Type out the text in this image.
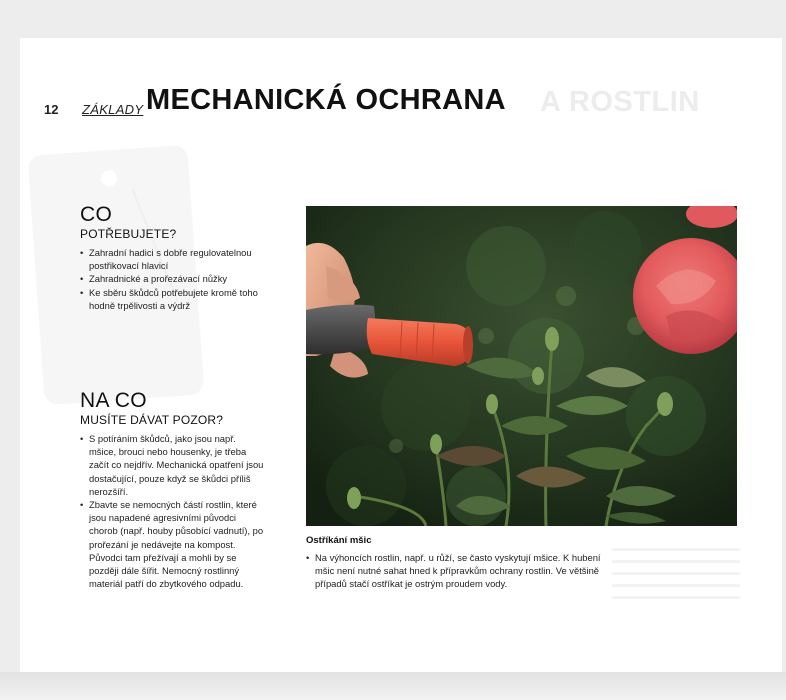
A ROSTLIN
12 ZÁKLADY MECHANICKÁ OCHRANA
CO
POTŘEBUJETE?
• Zahradní hadici s dobře regulovatelnou postřikovací hlavicí
• Zahradnické a prořezávací nůžky
• Ke sběru škůdců potřebujete kromě toho hodně trpělivosti a výdrž
NA CO
MUSÍTE DÁVAT POZOR?
• S potíráním škůdců, jako jsou např. mšice, brouci nebo housenky, je třeba začít co nejdřív. Mechanická opatření jsou dostačující, pouze když se škůdci příliš nerozšíří.
• Zbavte se nemocných částí rostlin, které jsou napadené agresivními původci chorob (např. houby působící vadnutí), po prořezání je nedávejte na kompost. Původci tam přežívají a mohli by se později dále šířit. Nemocný rostlinný materiál patří do zbytkového odpadu.
Ostříkání mšic
• Na výhoncích rostlin, např. u růží, se často vyskytují mšice. K hubení mšic není nutné sahat hned k přípravkům ochrany rostlin. Ve většině případů stačí ostříkat je ostrým proudem vody.
